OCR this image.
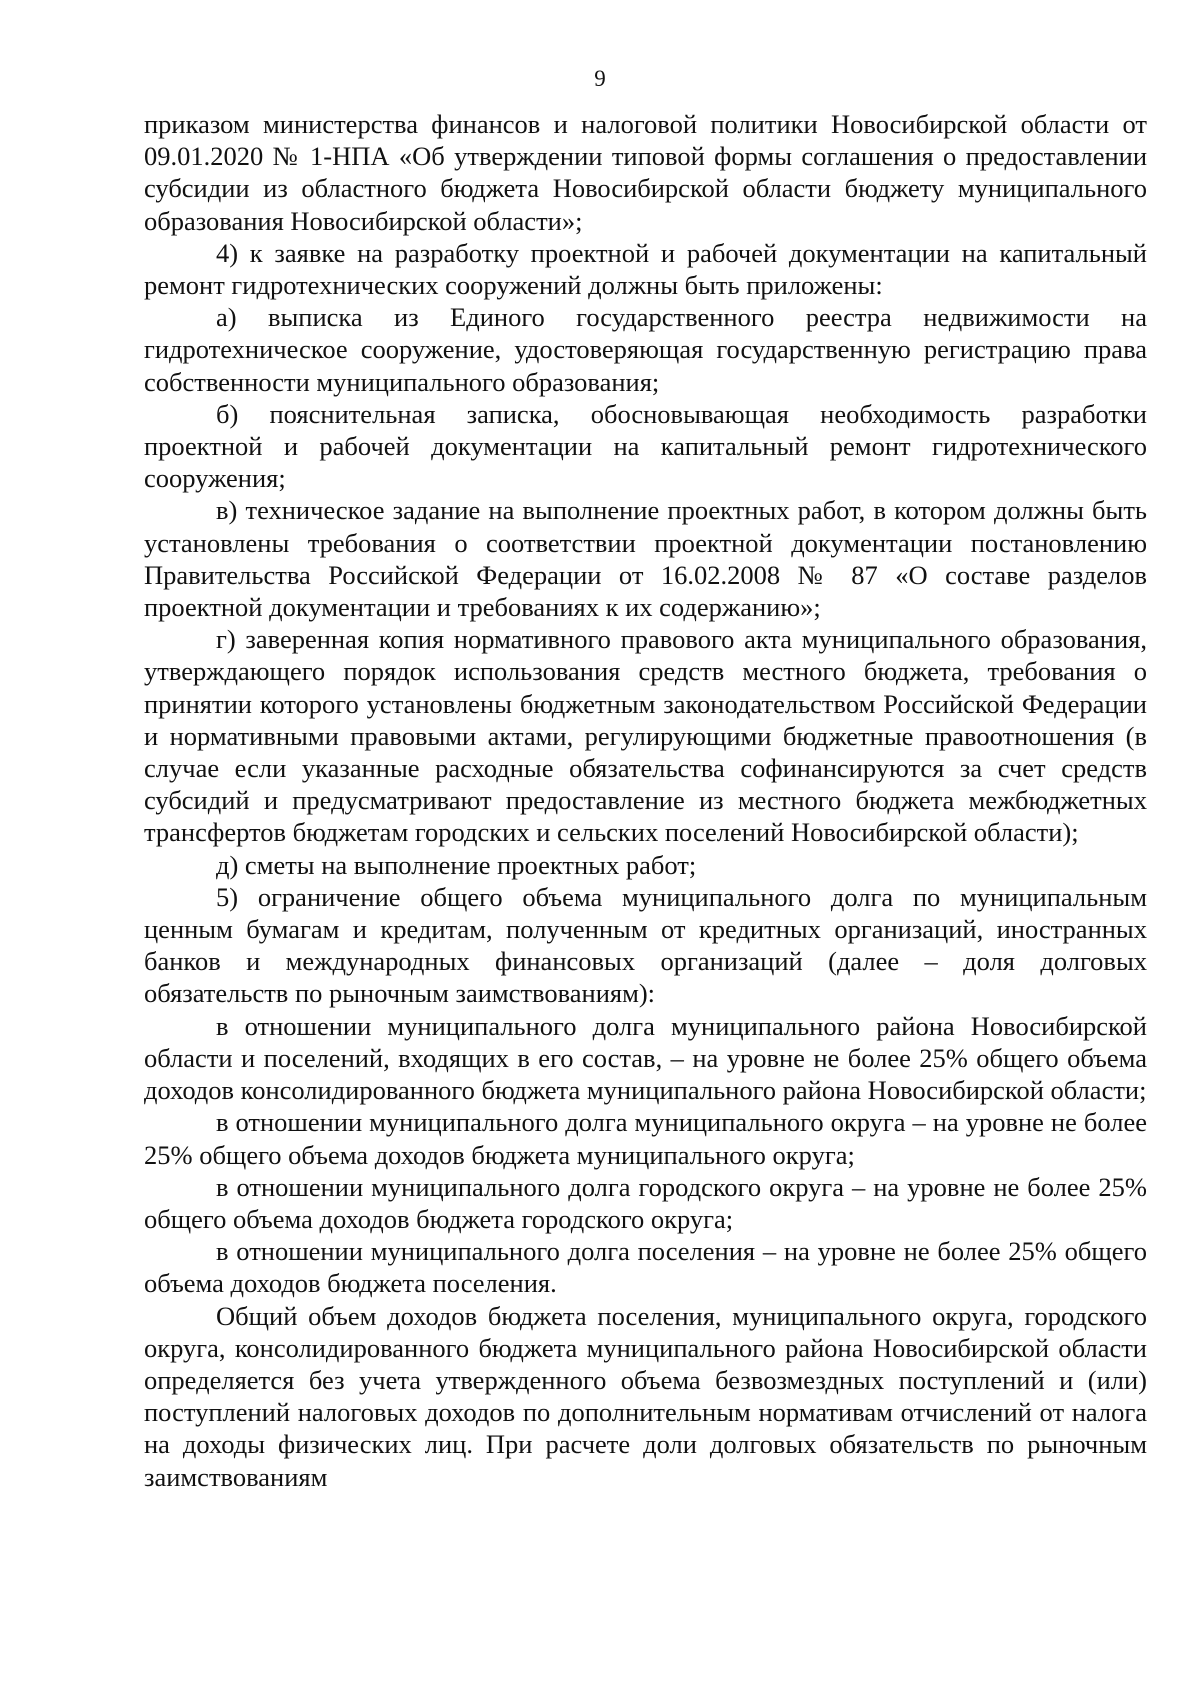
9

приказом министерства финансов и налоговой политики Новосибирской области от 09.01.2020 № 1-НПА «Об утверждении типовой формы соглашения о предоставлении субсидии из областного бюджета Новосибирской области бюджету муниципального образования Новосибирской области»;

4) к заявке на разработку проектной и рабочей документации на капитальный ремонт гидротехнических сооружений должны быть приложены:

а) выписка из Единого государственного реестра недвижимости на гидротехническое сооружение, удостоверяющая государственную регистрацию права собственности муниципального образования;

б) пояснительная записка, обосновывающая необходимость разработки проектной и рабочей документации на капитальный ремонт гидротехнического сооружения;

в) техническое задание на выполнение проектных работ, в котором должны быть установлены требования о соответствии проектной документации постановлению Правительства Российской Федерации от 16.02.2008 № 87 «О составе разделов проектной документации и требованиях к их содержанию»;

г) заверенная копия нормативного правового акта муниципального образования, утверждающего порядок использования средств местного бюджета, требования о принятии которого установлены бюджетным законодательством Российской Федерации и нормативными правовыми актами, регулирующими бюджетные правоотношения (в случае если указанные расходные обязательства софинансируются за счет средств субсидий и предусматривают предоставление из местного бюджета межбюджетных трансфертов бюджетам городских и сельских поселений Новосибирской области);

д) сметы на выполнение проектных работ;

5) ограничение общего объема муниципального долга по муниципальным ценным бумагам и кредитам, полученным от кредитных организаций, иностранных банков и международных финансовых организаций (далее – доля долговых обязательств по рыночным заимствованиям):

в отношении муниципального долга муниципального района Новосибирской области и поселений, входящих в его состав, – на уровне не более 25% общего объема доходов консолидированного бюджета муниципального района Новосибирской области;

в отношении муниципального долга муниципального округа – на уровне не более 25% общего объема доходов бюджета муниципального округа;

в отношении муниципального долга городского округа – на уровне не более 25% общего объема доходов бюджета городского округа;

в отношении муниципального долга поселения – на уровне не более 25% общего объема доходов бюджета поселения.

Общий объем доходов бюджета поселения, муниципального округа, городского округа, консолидированного бюджета муниципального района Новосибирской области определяется без учета утвержденного объема безвозмездных поступлений и (или) поступлений налоговых доходов по дополнительным нормативам отчислений от налога на доходы физических лиц. При расчете доли долговых обязательств по рыночным заимствованиям
